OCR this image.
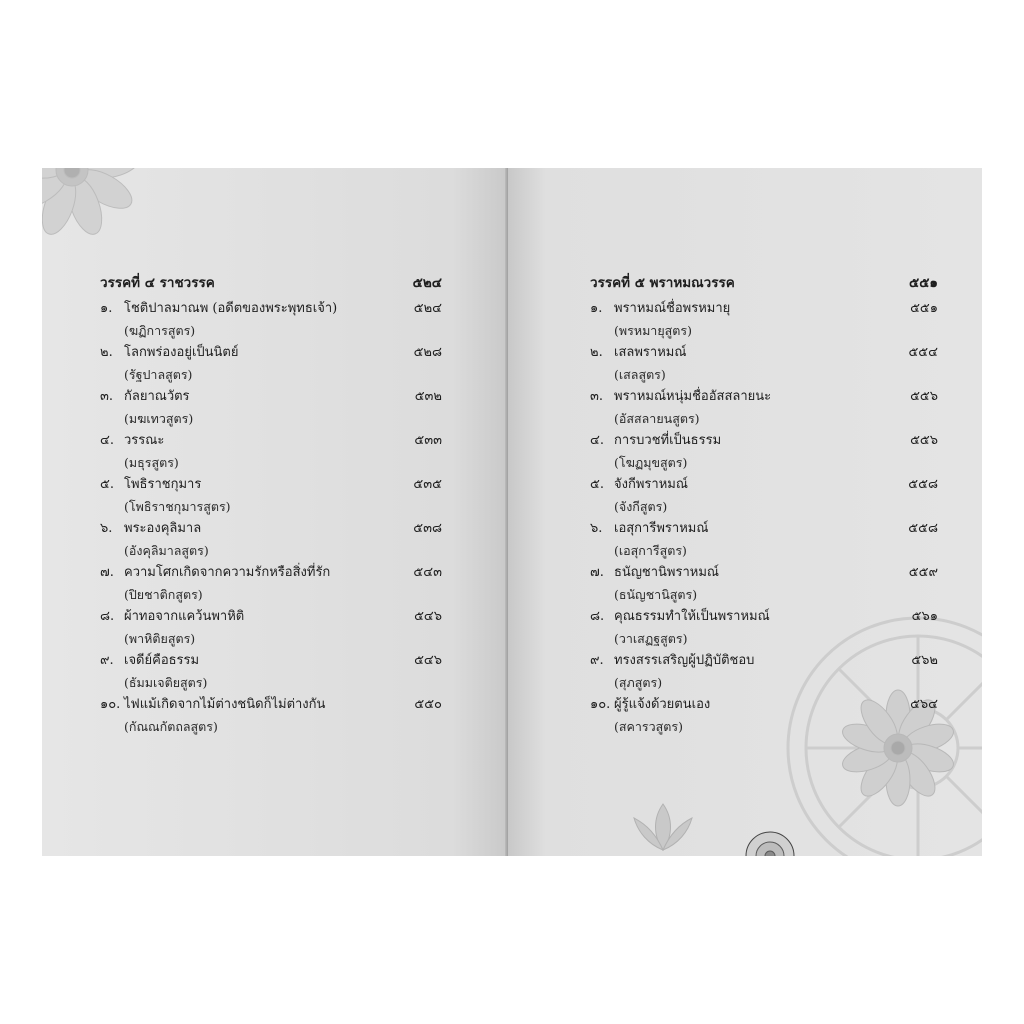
วรรคที่ ๔ ราชวรรค	๕๒๔
๑. โชติปาลมาณพ (อดีตของพระพุทธเจ้า)	๕๒๔
(ฆฏิการสูตร)
๒. โลกพร่องอยู่เป็นนิตย์	๕๒๘
(รัฐปาลสูตร)
๓. กัลยาณวัตร	๕๓๒
(มฆเทวสูตร)
๔. วรรณะ	๕๓๓
(มธุรสูตร)
๕. โพธิราชกุมาร	๕๓๕
(โพธิราชกุมารสูตร)
๖. พระองคุลิมาล	๕๓๘
(อังคุลิมาลสูตร)
๗. ความโศกเกิดจากความรักหรือสิ่งที่รัก	๕๔๓
(ปิยชาติกสูตร)
๘. ผ้าทอจากแคว้นพาหิติ	๕๔๖
(พาหิติยสูตร)
๙. เจดีย์คือธรรม	๕๔๖
(ธัมมเจติยสูตร)
๑๐. ไฟแม้เกิดจากไม้ต่างชนิดก็ไม่ต่างกัน	๕๕๐
(กัณณกัตถลสูตร)
วรรคที่ ๕ พราหมณวรรค	๕๕๑
๑. พราหมณ์ชื่อพรหมายุ	๕๕๑
(พรหมายุสูตร)
๒. เสลพราหมณ์	๕๕๔
(เสลสูตร)
๓. พราหมณ์หนุ่มชื่ออัสสลายนะ	๕๕๖
(อัสสลายนสูตร)
๔. การบวชที่เป็นธรรม	๕๕๖
(โฆฏมุขสูตร)
๕. จังกีพราหมณ์	๕๕๘
(จังกีสูตร)
๖. เอสุการีพราหมณ์	๕๕๘
(เอสุการีสูตร)
๗. ธนัญชานิพราหมณ์	๕๕๙
(ธนัญชานิสูตร)
๘. คุณธรรมทำให้เป็นพราหมณ์	๕๖๑
(วาเสฏฐสูตร)
๙. ทรงสรรเสริญผู้ปฏิบัติชอบ	๕๖๒
(สุภสูตร)
๑๐. ผู้รู้แจ้งด้วยตนเอง	๕๖๔
(สคารวสูตร)
